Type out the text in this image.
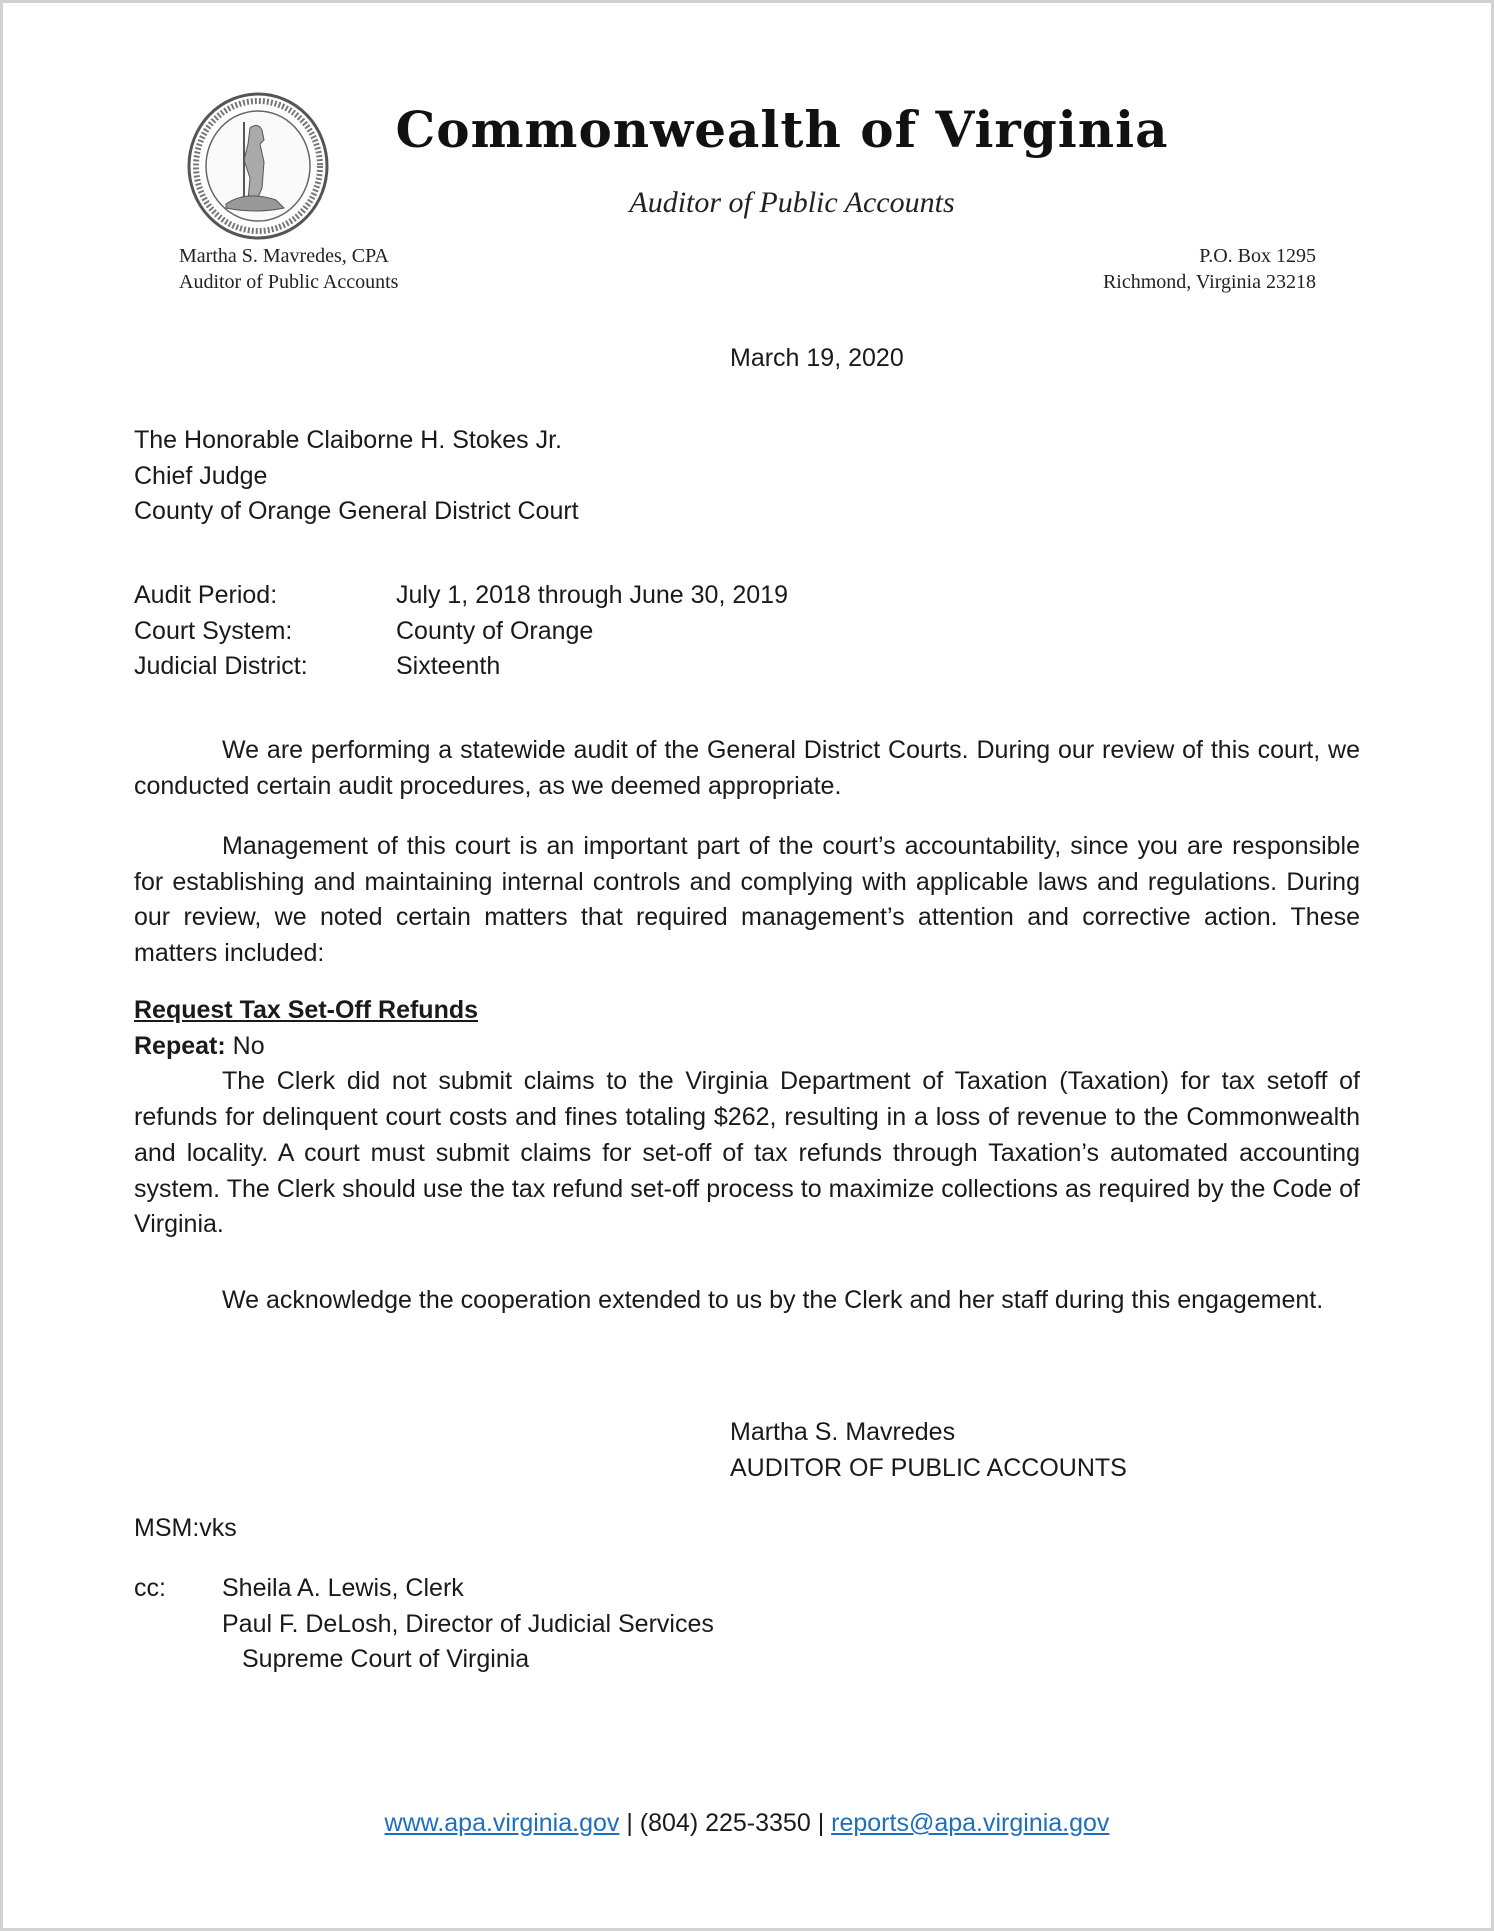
Commonwealth of Virginia
Auditor of Public Accounts
Martha S. Mavredes, CPA
Auditor of Public Accounts
P.O. Box 1295
Richmond, Virginia 23218
March 19, 2020
The Honorable Claiborne H. Stokes Jr.
Chief Judge
County of Orange General District Court
Audit Period:	July 1, 2018 through June 30, 2019
Court System:	County of Orange
Judicial District:	Sixteenth
We are performing a statewide audit of the General District Courts. During our review of this court, we conducted certain audit procedures, as we deemed appropriate.
Management of this court is an important part of the court’s accountability, since you are responsible for establishing and maintaining internal controls and complying with applicable laws and regulations. During our review, we noted certain matters that required management’s attention and corrective action. These matters included:
Request Tax Set-Off Refunds
Repeat: No
The Clerk did not submit claims to the Virginia Department of Taxation (Taxation) for tax setoff of refunds for delinquent court costs and fines totaling $262, resulting in a loss of revenue to the Commonwealth and locality. A court must submit claims for set-off of tax refunds through Taxation’s automated accounting system. The Clerk should use the tax refund set-off process to maximize collections as required by the Code of Virginia.
We acknowledge the cooperation extended to us by the Clerk and her staff during this engagement.
Martha S. Mavredes
AUDITOR OF PUBLIC ACCOUNTS
MSM:vks
cc:	Sheila A. Lewis, Clerk
Paul F. DeLosh, Director of Judicial Services
Supreme Court of Virginia
www.apa.virginia.gov | (804) 225-3350 | reports@apa.virginia.gov
